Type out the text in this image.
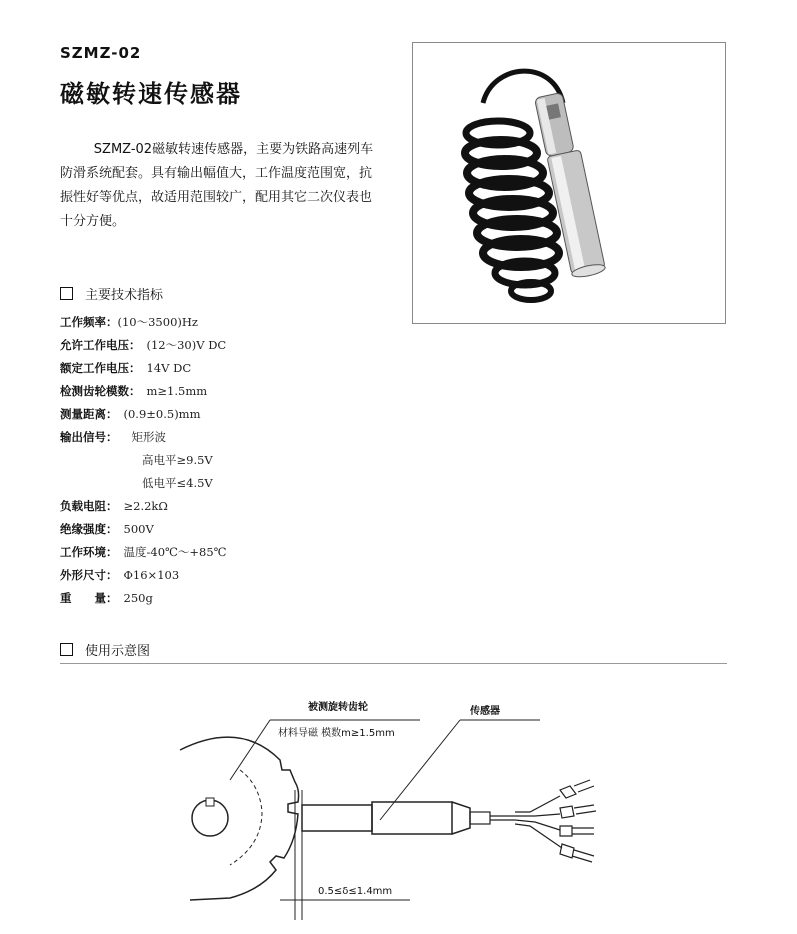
SZMZ-02
磁敏转速传感器
SZMZ-02磁敏转速传感器，主要为铁路高速列车防滑系统配套。具有输出幅值大，工作温度范围宽，抗振性好等优点，故适用范围较广，配用其它二次仪表也十分方便。
主要技术指标
工作频率：(10～3500)Hz
允许工作电压： (12～30)V DC
额定工作电压： 14V DC
检测齿轮模数： m≥1.5mm
测量距离： (0.9±0.5)mm
输出信号： 矩形波
负载电阻： ≥2.2kΩ
绝缘强度： 500V
工作环境： 温度-40℃～+85℃
外形尺寸： Φ16×103
重　　量： 250g
高电平≥9.5V
低电平≤4.5V
使用示意图
被测旋转齿轮
材料导磁 模数m≥1.5mm
传感器
0.5≤δ≤1.4mm
